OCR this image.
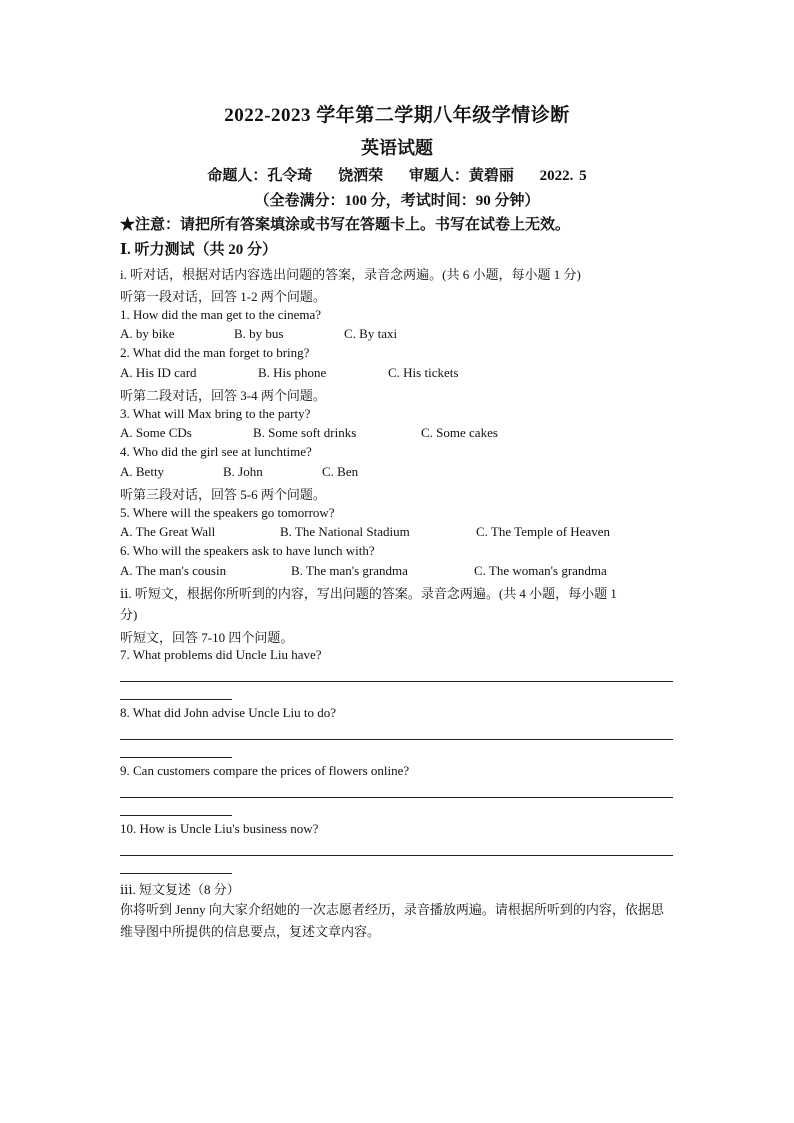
2022-2023 学年第二学期八年级学情诊断
英语试题
命题人：孔令琦 饶洒荣 审题人：黄碧丽 2022. 5
（全卷满分：100 分，考试时间：90 分钟）
★注意：请把所有答案填涂或书写在答题卡上。书写在试卷上无效。
Ⅰ. 听力测试（共 20 分）
i. 听对话，根据对话内容选出问题的答案，录音念两遍。(共 6 小题，每小题 1 分)
听第一段对话，回答 1-2 两个问题。
1. How did the man get to the cinema?
A. by bike	B. by bus	C. By taxi
2. What did the man forget to bring?
A. His ID card	B. His phone	C. His tickets
听第二段对话，回答 3-4 两个问题。
3. What will Max bring to the party?
A. Some CDs	B. Some soft drinks	C. Some cakes
4. Who did the girl see at lunchtime?
A. Betty	B. John	C. Ben
听第三段对话，回答 5-6 两个问题。
5. Where will the speakers go tomorrow?
A. The Great Wall	B. The National Stadium	C. The Temple of Heaven
6. Who will the speakers ask to have lunch with?
A. The man's cousin	B. The man's grandma	C. The woman's grandma
ⅱ. 听短文，根据你所听到的内容，写出问题的答案。录音念两遍。(共 4 小题，每小题 1
分)
听短文，回答 7-10 四个问题。
7. What problems did Uncle Liu have?
8. What did John advise Uncle Liu to do?
9. Can customers compare the prices of flowers online?
10. How is Uncle Liu's business now?
ⅲ. 短文复述（8 分）
你将听到 Jenny 向大家介绍她的一次志愿者经历，录音播放两遍。请根据所听到的内容，依据思维导图中所提供的信息要点，复述文章内容。
